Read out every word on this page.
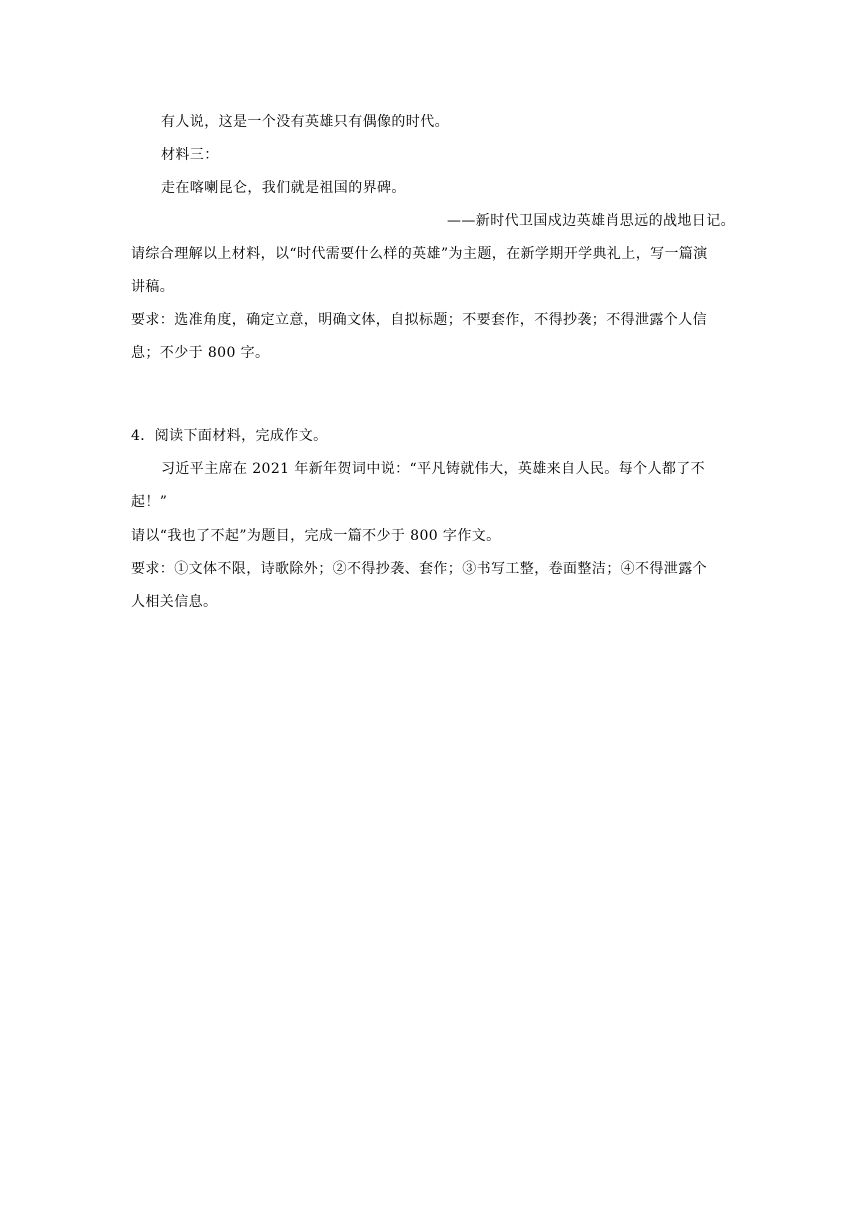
有人说，这是一个没有英雄只有偶像的时代。
材料三：
走在喀喇昆仑，我们就是祖国的界碑。
——新时代卫国戍边英雄肖思远的战地日记。
请综合理解以上材料，以“时代需要什么样的英雄”为主题，在新学期开学典礼上，写一篇演
讲稿。
要求：选准角度，确定立意，明确文体，自拟标题；不要套作，不得抄袭；不得泄露个人信
息；不少于 800 字。
4．阅读下面材料，完成作文。
习近平主席在 2021 年新年贺词中说：“平凡铸就伟大，英雄来自人民。每个人都了不
起！”
请以“我也了不起”为题目，完成一篇不少于 800 字作文。
要求：①文体不限，诗歌除外；②不得抄袭、套作；③书写工整，卷面整洁；④不得泄露个
人相关信息。
